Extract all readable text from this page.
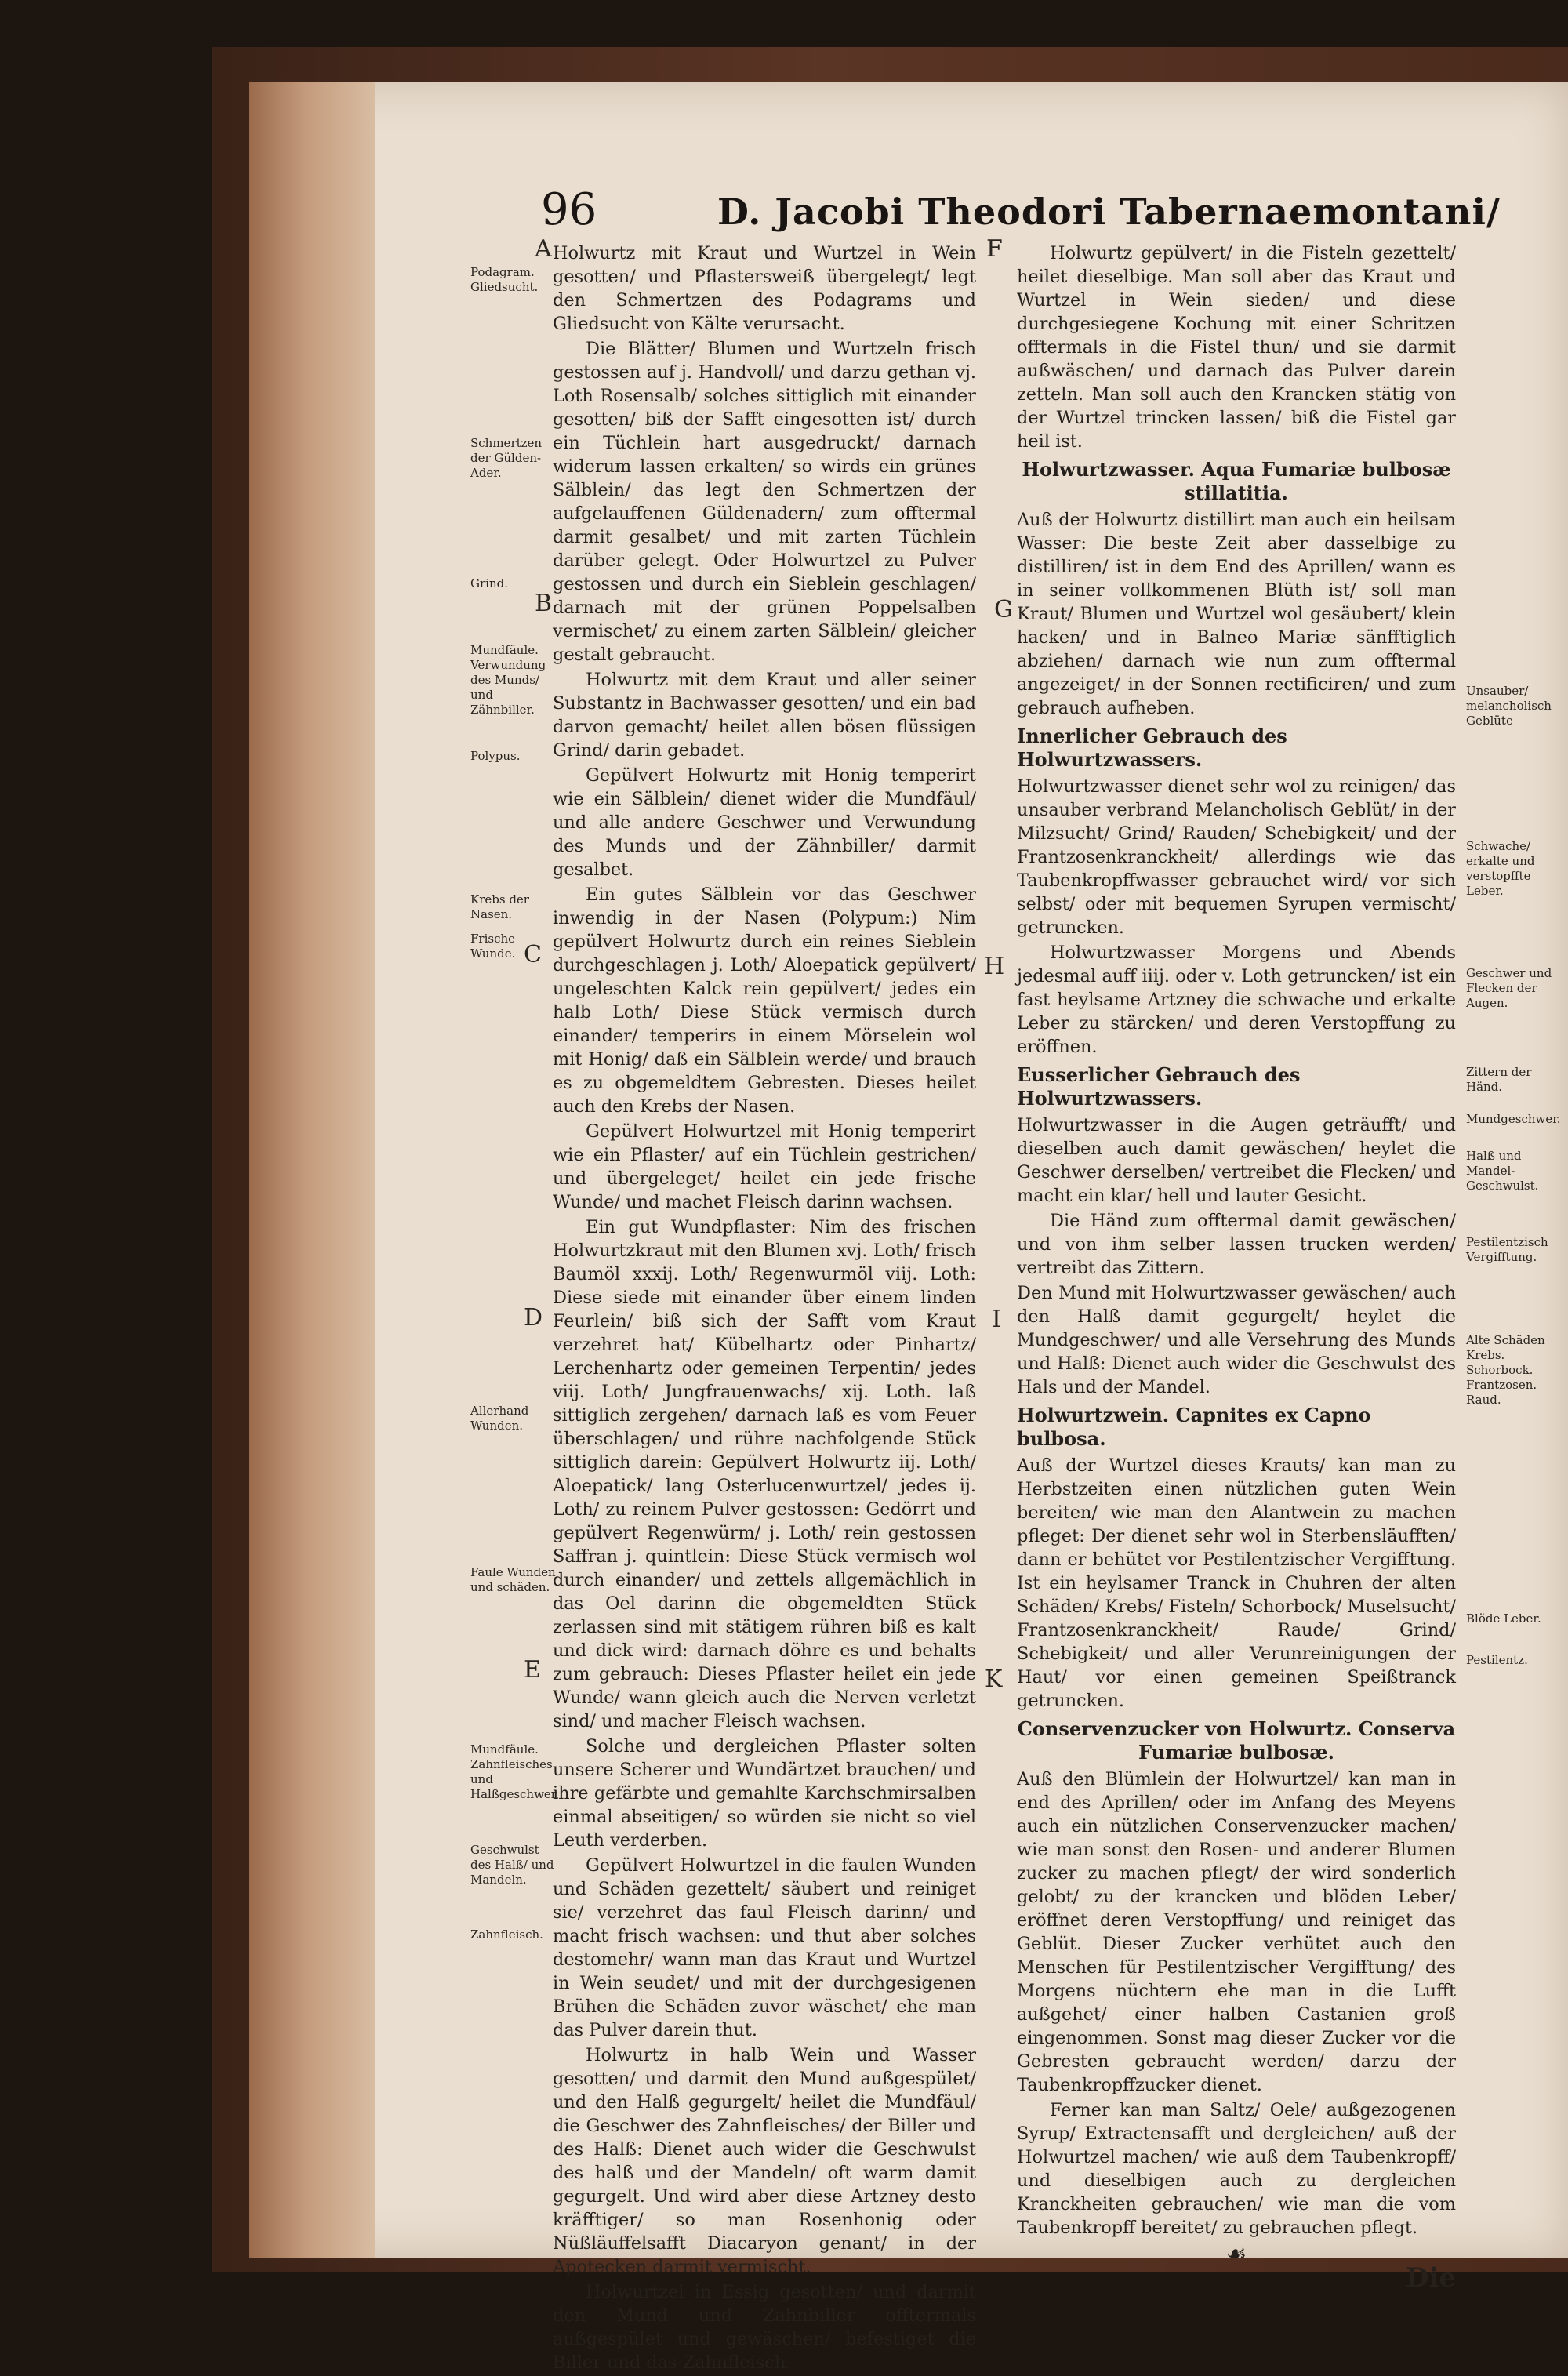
96	D. Jacobi Theodori Tabernaemontani/
A
B
C
D
E
F
G
H
I
K
Podagram. Gliedsucht.
Schmertzen der Gülden-Ader.
Grind.
Mundfäule. Verwundung des Munds/ und Zähnbiller.
Polypus.
Krebs der Nasen.
Frische Wunde.
Allerhand Wunden.
Faule Wunden und schäden.
Mundfäule. Zahnfleisches und Halßgeschwer.
Geschwulst des Halß/ und Mandeln.
Zahnfleisch.
Unsauber/ melancholisch Geblüte
Schwache/ erkalte und verstopffte Leber.
Geschwer und Flecken der Augen.
Zittern der Händ.
Mundgeschwer.
Halß und Mandel-Geschwulst.
Pestilentzisch Vergifftung.
Alte Schäden Krebs. Schorbock. Frantzosen. Raud.
Blöde Leber.
Pestilentz.

Holwurtz mit Kraut und Wurtzel in Wein gesotten/ und Pflastersweiß übergelegt/ legt den Schmertzen des Podagrams und Gliedsucht von Kälte verursacht.

Die Blätter/ Blumen und Wurtzeln frisch gestossen auf j. Handvoll/ und darzu gethan vj. Loth Rosensalb/ solches sittiglich mit einander gesotten/ biß der Safft eingesotten ist/ durch ein Tüchlein hart ausgedruckt/ darnach widerum lassen erkalten/ so wirds ein grünes Sälblein/ das legt den Schmertzen der aufgelauffenen Güldenadern/ zum offtermal darmit gesalbet/ und mit zarten Tüchlein darüber gelegt. Oder Holwurtzel zu Pulver gestossen und durch ein Sieblein geschlagen/ darnach mit der grünen Poppelsalben vermischet/ zu einem zarten Sälblein/ gleicher gestalt gebraucht.

Holwurtz mit dem Kraut und aller seiner Substantz in Bachwasser gesotten/ und ein bad darvon gemacht/ heilet allen bösen flüssigen Grind/ darin gebadet.

Gepülvert Holwurtz mit Honig temperirt wie ein Sälblein/ dienet wider die Mundfäul/ und alle andere Geschwer und Verwundung des Munds und der Zähnbiller/ darmit gesalbet.

Ein gutes Sälblein vor das Geschwer inwendig in der Nasen (Polypum:) Nim gepülvert Holwurtz durch ein reines Sieblein durchgeschlagen j. Loth/ Aloepatick gepülvert/ ungeleschten Kalck rein gepülvert/ jedes ein halb Loth/ Diese Stück vermisch durch einander/ temperirs in einem Mörselein wol mit Honig/ daß ein Sälblein werde/ und brauch es zu obgemeldtem Gebresten. Dieses heilet auch den Krebs der Nasen.

Gepülvert Holwurtzel mit Honig temperirt wie ein Pflaster/ auf ein Tüchlein gestrichen/ und übergeleget/ heilet ein jede frische Wunde/ und machet Fleisch darinn wachsen.

Ein gut Wundpflaster: Nim des frischen Holwurtzkraut mit den Blumen xvj. Loth/ frisch Baumöl xxxij. Loth/ Regenwurmöl viij. Loth: Diese siede mit einander über einem linden Feurlein/ biß sich der Safft vom Kraut verzehret hat/ Kübelhartz oder Pinhartz/ Lerchenhartz oder gemeinen Terpentin/ jedes viij. Loth/ Jungfrauenwachs/ xij. Loth. laß sittiglich zergehen/ darnach laß es vom Feuer überschlagen/ und rühre nachfolgende Stück sittiglich darein: Gepülvert Holwurtz iij. Loth/ Aloepatick/ lang Osterlucenwurtzel/ jedes ij. Loth/ zu reinem Pulver gestossen: Gedörrt und gepülvert Regenwürm/ j. Loth/ rein gestossen Saffran j. quintlein: Diese Stück vermisch wol durch einander/ und zettels allgemächlich in das Oel darinn die obgemeldten Stück zerlassen sind mit stätigem rühren biß es kalt und dick wird: darnach döhre es und behalts zum gebrauch: Dieses Pflaster heilet ein jede Wunde/ wann gleich auch die Nerven verletzt sind/ und macher Fleisch wachsen.

Solche und dergleichen Pflaster solten unsere Scherer und Wundärtzet brauchen/ und ihre gefärbte und gemahlte Karchschmirsalben einmal abseitigen/ so würden sie nicht so viel Leuth verderben.

Gepülvert Holwurtzel in die faulen Wunden und Schäden gezettelt/ säubert und reiniget sie/ verzehret das faul Fleisch darinn/ und macht frisch wachsen: und thut aber solches destomehr/ wann man das Kraut und Wurtzel in Wein seudet/ und mit der durchgesigenen Brühen die Schäden zuvor wäschet/ ehe man das Pulver darein thut.

Holwurtz in halb Wein und Wasser gesotten/ und darmit den Mund außgespület/ und den Halß gegurgelt/ heilet die Mundfäul/ die Geschwer des Zahnfleisches/ der Biller und des Halß: Dienet auch wider die Geschwulst des halß und der Mandeln/ oft warm damit gegurgelt. Und wird aber diese Artzney desto kräfftiger/ so man Rosenhonig oder Nüßläuffelsafft Diacaryon genant/ in der Apotecken darmit vermischt.

Holwurtzel in Essig gesotten/ und darmit den Mund und Zahnbiller offtermals außgespület und gewäschen/ befestiget die Biller und das Zahnfleisch.

Holwurtz gepülvert/ in die Fisteln gezettelt/ heilet dieselbige. Man soll aber das Kraut und Wurtzel in Wein sieden/ und diese durchgesiegene Kochung mit einer Schritzen offtermals in die Fistel thun/ und sie darmit außwäschen/ und darnach das Pulver darein zetteln. Man soll auch den Krancken stätig von der Wurtzel trincken lassen/ biß die Fistel gar heil ist.

Holwurtzwasser. Aqua Fumariæ bulbosæ stillatitia.

Auß der Holwurtz distillirt man auch ein heilsam Wasser: Die beste Zeit aber dasselbige zu distilliren/ ist in dem End des Aprillen/ wann es in seiner vollkommenen Blüth ist/ soll man Kraut/ Blumen und Wurtzel wol gesäubert/ klein hacken/ und in Balneo Mariæ sänfftiglich abziehen/ darnach wie nun zum offtermal angezeiget/ in der Sonnen rectificiren/ und zum gebrauch aufheben.

Innerlicher Gebrauch des Holwurtzwassers.

Holwurtzwasser dienet sehr wol zu reinigen/ das unsauber verbrand Melancholisch Geblüt/ in der Milzsucht/ Grind/ Rauden/ Schebigkeit/ und der Frantzosenkranckheit/ allerdings wie das Taubenkropffwasser gebrauchet wird/ vor sich selbst/ oder mit bequemen Syrupen vermischt/ getruncken.

Holwurtzwasser Morgens und Abends jedesmal auff iiij. oder v. Loth getruncken/ ist ein fast heylsame Artzney die schwache und erkalte Leber zu stärcken/ und deren Verstopffung zu eröffnen.

Eusserlicher Gebrauch des Holwurtzwassers.

Holwurtzwasser in die Augen geträufft/ und dieselben auch damit gewäschen/ heylet die Geschwer derselben/ vertreibet die Flecken/ und macht ein klar/ hell und lauter Gesicht.

Die Händ zum offtermal damit gewäschen/ und von ihm selber lassen trucken werden/ vertreibt das Zittern.

Den Mund mit Holwurtzwasser gewäschen/ auch den Halß damit gegurgelt/ heylet die Mundgeschwer/ und alle Versehrung des Munds und Halß: Dienet auch wider die Geschwulst des Hals und der Mandel.

Holwurtzwein. Capnites ex Capno bulbosa.

Auß der Wurtzel dieses Krauts/ kan man zu Herbstzeiten einen nützlichen guten Wein bereiten/ wie man den Alantwein zu machen pfleget: Der dienet sehr wol in Sterbensläufften/ dann er behütet vor Pestilentzischer Vergifftung. Ist ein heylsamer Tranck in Chuhren der alten Schäden/ Krebs/ Fisteln/ Schorbock/ Muselsucht/ Frantzosenkranckheit/ Raude/ Grind/ Schebigkeit/ und aller Verunreinigungen der Haut/ vor einen gemeinen Speißtranck getruncken.

Conservenzucker von Holwurtz. Conserva Fumariæ bulbosæ.

Auß den Blümlein der Holwurtzel/ kan man in end des Aprillen/ oder im Anfang des Meyens auch ein nützlichen Conservenzucker machen/ wie man sonst den Rosen- und anderer Blumen zucker zu machen pflegt/ der wird sonderlich gelobt/ zu der krancken und blöden Leber/ eröffnet deren Verstopffung/ und reiniget das Geblüt. Dieser Zucker verhütet auch den Menschen für Pestilentzischer Vergifftung/ des Morgens nüchtern ehe man in die Lufft außgehet/ einer halben Castanien groß eingenommen. Sonst mag dieser Zucker vor die Gebresten gebraucht werden/ darzu der Taubenkropffzucker dienet.

Ferner kan man Saltz/ Oele/ außgezogenen Syrup/ Extractensafft und dergleichen/ auß der Holwurtzel machen/ wie auß dem Taubenkropff/ und dieselbigen auch zu dergleichen Kranckheiten gebrauchen/ wie man die vom Taubenkropff bereitet/ zu gebrauchen pflegt.

☙
Die
